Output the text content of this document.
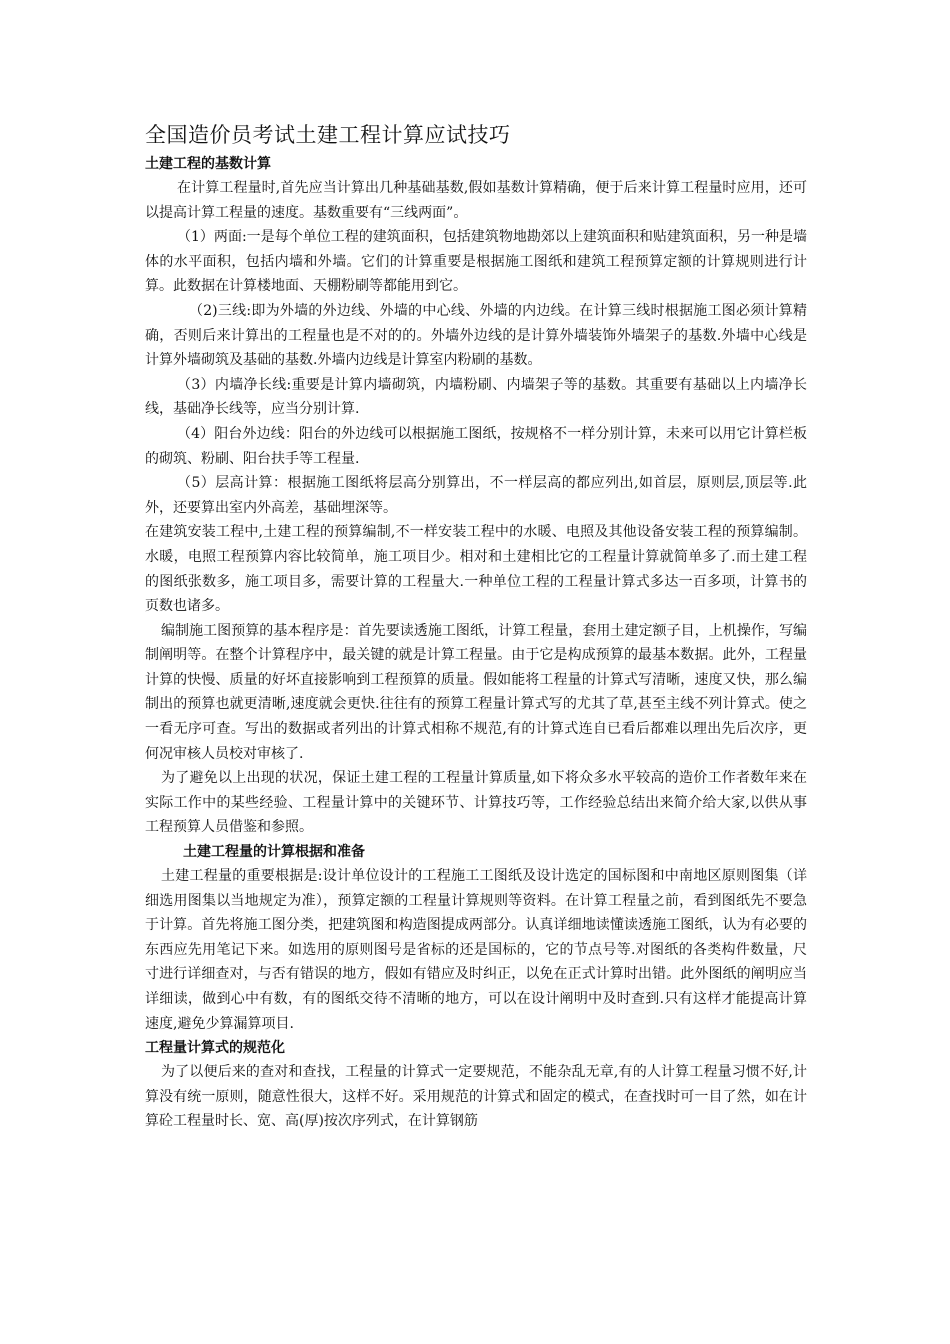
全国造价员考试土建工程计算应试技巧
土建工程的基数计算

在计算工程量时,首先应当计算出几种基础基数,假如基数计算精确，便于后来计算工程量时应用，还可以提高计算工程量的速度。基数重要有“三线两面”。

（1）两面:一是每个单位工程的建筑面积，包括建筑物地勘郊以上建筑面积和贴建筑面积，另一种是墙体的水平面积，包括内墙和外墙。它们的计算重要是根据施工图纸和建筑工程预算定额的计算规则进行计算。此数据在计算楼地面、天棚粉刷等都能用到它。

（2)三线:即为外墙的外边线、外墙的中心线、外墙的内边线。在计算三线时根据施工图必须计算精确，否则后来计算出的工程量也是不对的的。外墙外边线的是计算外墙装饰外墙架子的基数.外墙中心线是计算外墙砌筑及基础的基数.外墙内边线是计算室内粉刷的基数。

（3）内墙净长线:重要是计算内墙砌筑，内墙粉刷、内墙架子等的基数。其重要有基础以上内墙净长线，基础净长线等，应当分别计算.

（4）阳台外边线：阳台的外边线可以根据施工图纸，按规格不一样分别计算，未来可以用它计算栏板的砌筑、粉刷、阳台扶手等工程量.

（5）层高计算：根据施工图纸将层高分别算出，不一样层高的都应列出,如首层，原则层,顶层等.此外，还要算出室内外高差，基础埋深等。

在建筑安装工程中,土建工程的预算编制,不一样安装工程中的水暖、电照及其他设备安装工程的预算编制。水暖，电照工程预算内容比较简单，施工项目少。相对和土建相比它的工程量计算就简单多了.而土建工程的图纸张数多，施工项目多，需要计算的工程量大.一种单位工程的工程量计算式多达一百多项，计算书的页数也诸多。

编制施工图预算的基本程序是：首先要读透施工图纸，计算工程量，套用土建定额子目，上机操作，写编制阐明等。在整个计算程序中，最关键的就是计算工程量。由于它是构成预算的最基本数据。此外，工程量计算的快慢、质量的好坏直接影响到工程预算的质量。假如能将工程量的计算式写清晰，速度又快，那么编制出的预算也就更清晰,速度就会更快.往往有的预算工程量计算式写的尤其了草,甚至主线不列计算式。使之一看无序可查。写出的数据或者列出的计算式相称不规范,有的计算式连自已看后都难以理出先后次序，更何况审核人员校对审核了.

为了避免以上出现的状况，保证土建工程的工程量计算质量,如下将众多水平较高的造价工作者数年来在实际工作中的某些经验、工程量计算中的关键环节、计算技巧等，工作经验总结出来简介给大家,以供从事工程预算人员借鉴和参照。

土建工程量的计算根据和准备

土建工程量的重要根据是:设计单位设计的工程施工工图纸及设计选定的国标图和中南地区原则图集（详细选用图集以当地规定为准），预算定额的工程量计算规则等资料。在计算工程量之前，看到图纸先不要急于计算。首先将施工图分类，把建筑图和构造图提成两部分。认真详细地读懂读透施工图纸，认为有必要的东西应先用笔记下来。如选用的原则图号是省标的还是国标的，它的节点号等.对图纸的各类构件数量，尺寸进行详细查对，与否有错误的地方，假如有错应及时纠正，以免在正式计算时出错。此外图纸的阐明应当详细读，做到心中有数，有的图纸交待不清晰的地方，可以在设计阐明中及时查到.只有这样才能提高计算速度,避免少算漏算项目.

工程量计算式的规范化

为了以便后来的查对和查找，工程量的计算式一定要规范，不能杂乱无章,有的人计算工程量习惯不好,计算没有统一原则，随意性很大，这样不好。采用规范的计算式和固定的模式，在查找时可一目了然，如在计算砼工程量时长、宽、高(厚)按次序列式，在计算钢筋
